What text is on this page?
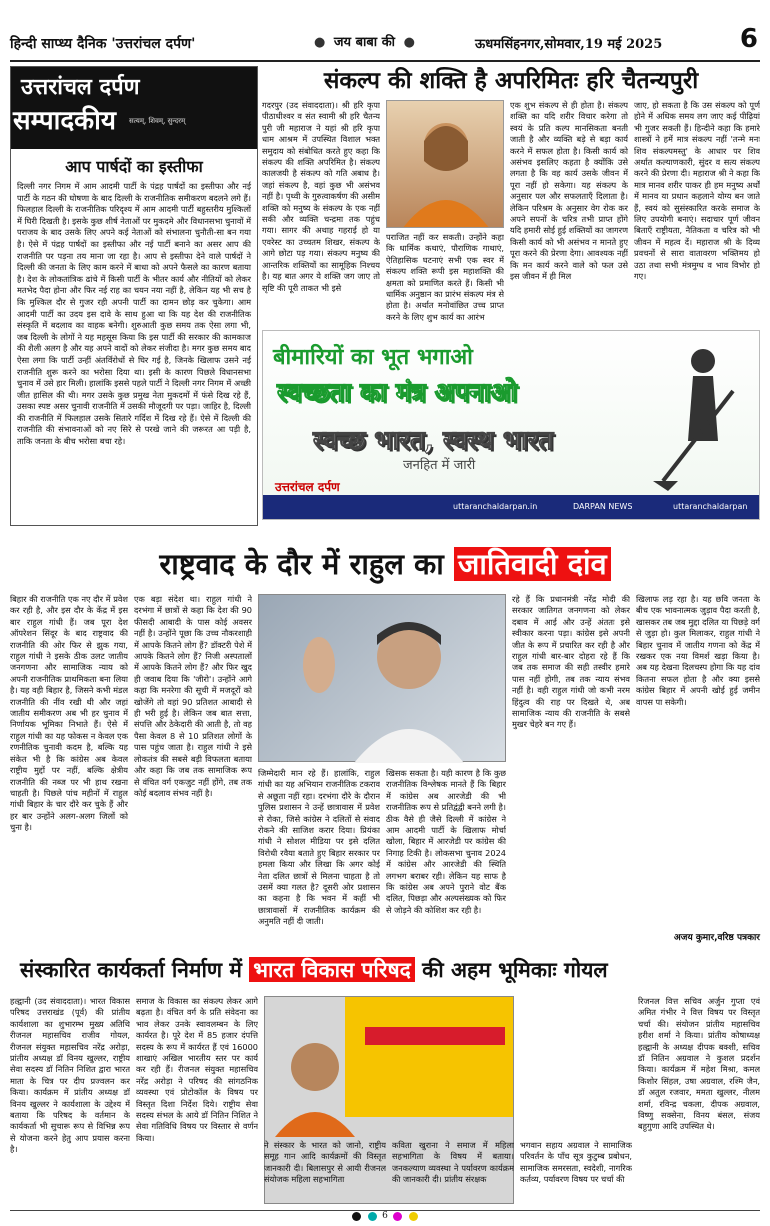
हिन्दी साप्ध्य दैनिक 'उत्तरांचल दर्पण'	● जय बाबा की ●	ऊधमसिंहनगर,सोमवार,19 मई 2025	6
उत्तरांचल दर्पण
सम्पादकीय सत्यम्, शिवम्, सुन्दरम्
आप पार्षदों का इस्तीफा
दिल्ली नगर निगम में आम आदमी पार्टी के पंद्रह पार्षदों का इस्तीफा और नई पार्टी के गठन की घोषणा के बाद दिल्ली के राजनीतिक समीकरण बदलने लगे हैं। फिलहाल दिल्ली के राजनीतिक परिदृश्य में आम आदमी पार्टी बहुस्तरीय मुश्किलों में घिरी दिखती है। इसके कुछ शीर्ष नेताओं पर मुकदमे और विधानसभा चुनावों में पराजय के बाद उसके लिए अपने कई नेताओं को संभालना चुनौती-सा बन गया है। ऐसे में पंद्रह पार्षदों का इस्तीफा और नई पार्टी बनाने का असर आप की राजनीति पर पड़ना तय माना जा रहा है। आप से इस्तीफा देने वाले पार्षदों ने दिल्ली की जनता के लिए काम करने में बाधा को अपने फैसले का कारण बताया है। देश के लोकतांत्रिक ढांचे में किसी पार्टी के भीतर कार्य और नीतियों को लेकर मतभेद पैदा होना और फिर नई राह का चयन नया नहीं है, लेकिन यह भी सच है कि मुश्किल दौर से गुजर रही अपनी पार्टी का दामन छोड़ कर चुकेगा। आम आदमी पार्टी का उदय इस दावे के साथ हुआ था कि यह देश की राजनीतिक संस्कृति में बदलाव का वाहक बनेगी। शुरुआती कुछ समय तक ऐसा लगा भी, जब दिल्ली के लोगों ने यह महसूस किया कि इस पार्टी की सरकार की कामकाज की शैली अलग है और यह अपने वादों को लेकर संजीदा है। मगर कुछ समय बाद ऐसा लगा कि पार्टी उन्हीं अंतर्विरोधों से घिर गई है, जिनके खिलाफ उसने नई राजनीति शुरू करने का भरोसा दिया था। इसी के कारण पिछले विधानसभा चुनाव में उसे हार मिली। हालांकि इससे पहले पार्टी ने दिल्ली नगर निगम में अच्छी जीत हासिल की थी। मगर उसके कुछ प्रमुख नेता मुकदमों में फंसे दिख रहे हैं, उसका स्पष्ट असर चुनावी राजनीति में उसकी मौजूदगी पर पड़ा। जाहिर है, दिल्ली की राजनीति में फिलहाल उसके सितारे गर्दिश में दिख रहे हैं। ऐसे में दिल्ली की राजनीति की संभावनाओं को नए सिरे से परखे जाने की जरूरत आ पड़ी है, ताकि जनता के बीच भरोसा बचा रहे।
संकल्प की शक्ति है अपरिमितः हरि चैतन्यपुरी
गदरपुर (उद संवाददाता)। श्री हरि कृपा पीठाधीश्वर व संत स्वामी श्री हरि चैतन्य पुरी जी महाराज ने यहां श्री हरि कृपा धाम आश्रम में उपस्थित विशाल भक्त समुदाय को संबोधित करते हुए कहा कि संकल्प की शक्ति अपरिमित है। संकल्प कालजयी है संकल्प को गति अबाध है। जहां संकल्प है, वहां कुछ भी असंभव नहीं है। पृथ्वी के गुरुत्वाकर्षण की असीम शक्ति को मनुष्य के संकल्प के एक नहीं सकी और व्यक्ति चन्द्रमा तक पहुंच गया। सागर की अथाह गहराई हो या एवरेस्ट का उच्चतम शिखर, संकल्प के आगे छोटा पड़ गया। संकल्प मनुष्य की आन्तरिक शक्तियों का सामूहिक निश्चय है। यह बात अगर ये शक्ति जग जाए तो सृष्टि की पूरी ताकत भी इसे
पराजित नहीं कर सकती। उन्होंने कहा कि धार्मिक कथाएं, पौराणिक गाथाएं, ऐतिहासिक घटनाएं सभी एक स्वर में संकल्प शक्ति रूपी इस महाशक्ति की क्षमता को प्रमाणित करते हैं। किसी भी धार्मिक अनुष्ठान का प्रारंभ संकल्प मंत्र से होता है। अर्थात मनोवांछित उच्च प्राप्त करने के लिए शुभ कार्य का आरंभ
एक शुभ संकल्प से ही होता है। संकल्प शक्ति का यदि शरीर विचार करेगा तो स्वयं के प्रति कल्प मानसिकता बनती जाती है और व्यक्ति बड़े से बड़ा कार्य करने में सफल होता है। किसी कार्य को असंभव इसलिए कहता है क्योंकि उसे लगता है कि वह कार्य उसके जीवन में पूरा नहीं हो सकेगा। यह संकल्प के अनुसार पल और सफलताएँ दिलाता है। लेकिन परिश्रम के अनुसार वेग रोक कर अपने सपनों के चरित्र तभी प्राप्त होंगे यदि हमारी सोई हुई शक्तियों का जागरण किसी कार्य को भी असंभव न मानते हुए पूरा करने की प्रेरणा देगा। आवश्यक नहीं कि मन कार्य करने वाले को फल उसे इस जीवन में ही मिल
जाए, हो सकता है कि उस संकल्प को पूर्ण होने में अधिक समय लग जाए कई पीढ़ियां भी गुजर सकती हैं। हिन्दीने कहा कि हमारे शास्त्रों ने हमें मात्र संकल्प नहीं 'तन्मे मनः शिव संकल्पमस्तु' के आधार पर शिव अर्थात कल्याणकारी, सुंदर व सत्य संकल्प करने की प्रेरणा दी। महाराज श्री ने कहा कि मात्र मानव शरीर पाकर ही हम मनुष्य अर्थों में मानव या प्रधान कहलाने योग्य बन जाते हैं, स्वयं को सुसंस्कारित करके समाज के लिए उपयोगी बनाएं। सदाचार पूर्ण जीवन बिताएँ राष्ट्रीयता, नैतिकता व चरित्र को भी जीवन में महत्व दें। महाराज श्री के दिव्य प्रवचनों से सारा वातावरण भक्तिमय हो उठा तथा सभी मंत्रमुग्ध व भाव विभोर हो गए।
बीमारियों का भूत भगाओ
स्वच्छता का मंत्र अपनाओ
स्वच्छ भारत, स्वस्थ भारत
जनहित में जारी
उत्तरांचल दर्पण
uttaranchaldarpan.in	DARPAN NEWS	uttaranchaldarpan
राष्ट्रवाद के दौर में राहुल का जातिवादी दांव
बिहार की राजनीति एक नए दौर में प्रवेश कर रही है, और इस दौर के केंद्र में इस बार राहुल गांधी हैं। जब पूरा देश ऑपरेशन सिंदूर के बाद राष्ट्रवाद की राजनीति की ओर फिर से झुक गया, राहुल गांधी ने इसके ठीक उलट जातीय जनगणना और सामाजिक न्याय को अपनी राजनीतिक प्राथमिकता बना लिया है। यह वही बिहार है, जिसने कभी मंडल राजनीति की नींव रखी थी और जहां जातीय समीकरण अब भी हर चुनाव में निर्णायक भूमिका निभाते हैं। ऐसे में राहुल गांधी का यह फोकस न केवल एक रणनीतिक चुनावी कदम है, बल्कि यह संकेत भी है कि कांग्रेस अब केवल राष्ट्रीय मुद्दों पर नहीं, बल्कि क्षेत्रीय राजनीति की नब्ज पर भी हाथ रखना चाहती है। पिछले पांच महीनों में राहुल गांधी बिहार के चार दौरे कर चुके हैं और हर बार उन्होंने अलग-अलग जिलों को चुना है।
एक बड़ा संदेश था। राहुल गांधी ने दरभंगा में छात्रों से कहा कि देश की 90 फीसदी आबादी के पास कोई अवसर नहीं है। उन्होंने पूछा कि उच्च नौकरशाही में आपके कितने लोग हैं? डॉक्टरी पेशे में आपके कितने लोग हैं? निजी अस्पतालों में आपके कितने लोग हैं? और फिर खुद ही जवाब दिया कि 'जीरो'। उन्होंने आगे कहा कि मनरेगा की सूची में मजदूरों को खोजेंगे तो वहां 90 प्रतिशत आबादी से ही भरी हुई है। लेकिन जब बात सत्ता, संपत्ति और ठेकेदारी की आती है, तो वह पैसा केवल 8 से 10 प्रतिशत लोगों के पास पहुंच जाता है। राहुल गांधी ने इसे लोकतंत्र की सबसे बड़ी विफलता बताया और कहा कि जब तक सामाजिक रूप से वंचित वर्ग एकजुट नहीं होंगे, तब तक कोई बदलाव संभव नहीं है।
जिम्मेदारी मान रहे हैं। हालांकि, राहुल गांधी का यह अभियान राजनीतिक टकराव से अछूता नहीं रहा। दरभंगा दौरे के दौरान पुलिस प्रशासन ने उन्हें छात्रावास में प्रवेश से रोका, जिसे कांग्रेस ने दलितों से संवाद रोकने की साजिश करार दिया। प्रियंका गांधी ने सोशल मीडिया पर इसे दलित विरोधी रवैया बताते हुए बिहार सरकार पर हमला किया और लिखा कि अगर कोई नेता दलित छात्रों से मिलना चाहता है तो उसमें क्या गलत है? दूसरी ओर प्रशासन का कहना है कि भवन में कहीं भी छात्रावासों में राजनीतिक कार्यक्रम की अनुमति नहीं दी जाती।
खिसक सकता है। यही कारण है कि कुछ राजनीतिक विश्लेषक मानते हैं कि बिहार में कांग्रेस अब आरजेडी की भी राजनीतिक रूप से प्रतिद्वंद्वी बनने लगी है। ठीक वैसे ही जैसे दिल्ली में कांग्रेस ने आम आदमी पार्टी के खिलाफ मोर्चा खोला, बिहार में आरजेडी पर कांग्रेस की निगाह टिकी है। लोकसभा चुनाव 2024 में कांग्रेस और आरजेडी की स्थिति लगभग बराबर रही। लेकिन यह साफ है कि कांग्रेस अब अपने पुराने वोट बैंक दलित, पिछड़ा और अल्पसंख्यक को फिर से जोड़ने की कोशिश कर रही है।
रहे हैं कि प्रधानमंत्री नरेंद्र मोदी की सरकार जातिगत जनगणना को लेकर दबाव में आई और उन्हें अंततः इसे स्वीकार करना पड़ा। कांग्रेस इसे अपनी जीत के रूप में प्रचारित कर रही है और राहुल गांधी बार-बार दोहरा रहे हैं कि जब तक समाज की सही तस्वीर हमारे पास नहीं होगी, तब तक न्याय संभव नहीं है। वही राहुल गांधी जो कभी नरम हिंदुत्व की राह पर दिखते थे, अब सामाजिक न्याय की राजनीति के सबसे मुखर चेहरे बन गए हैं।
खिलाफ लड़ रहा है। यह छवि जनता के बीच एक भावनात्मक जुड़ाव पैदा करती है, खासकर तब जब मुद्दा दलित या पिछड़े वर्ग से जुड़ा हो। कुल मिलाकर, राहुल गांधी ने बिहार चुनाव में जातीय गणना को केंद्र में रखकर एक नया विमर्श खड़ा किया है। अब यह देखना दिलचस्प होगा कि यह दांव कितना सफल होता है और क्या इससे कांग्रेस बिहार में अपनी खोई हुई जमीन वापस पा सकेगी।
अजय कुमार,वरिष्ठ पत्रकार
संस्कारित कार्यकर्ता निर्माण में भारत विकास परिषद की अहम भूमिकाः गोयल
हल्द्वानी (उद संवाददाता)। भारत विकास परिषद उत्तराखंड (पूर्व) की प्रांतीय कार्यशाला का शुभारम्भ मुख्य अतिथि रीजनल महासचिव राजीव गोयल, रीजनल संयुक्त महासचिव नरेंद्र अरोड़ा, प्रांतीय अध्यक्ष डॉ विनय खुल्लर, राष्ट्रीय सेवा सदस्य डॉ नितिन निशित द्वारा भारत माता के चित्र पर दीप प्रज्वलन कर किया। कार्यक्रम में प्रांतीय अध्यक्ष डॉ विनय खुल्लर ने कार्यशाला के उद्देश्य में बताया कि परिषद के वर्तमान के कार्यकर्ता भी सुचारू रूप से विभिन्न रूप से योजना करने हेतु आप प्रयास करना है।
समाज के विकास का संकल्प लेकर आगे बढ़ता है। वंचित वर्ग के प्रति संवेदना का भाव लेकर उनके स्वावलम्बन के लिए कार्यरत है। पूरे देश में 85 हजार दंपत्ति सदस्य के रूप में कार्यरत हैं एवं 16000 शाखाएं अखिल भारतीय स्तर पर कार्य कर रही हैं। रीजनल संयुक्त महासचिव नरेंद्र अरोड़ा ने परिषद की सांगठनिक व्यवस्था एवं प्रोटोकॉल के विषय पर विस्तृत दिशा निर्देश दिये। राष्ट्रीय सेवा सदस्य संभल के आये डॉ नितिन निशित ने सेवा गतिविधि विषय पर विस्तार से वर्णन किया।
ने संस्कार के भारत को जानो, राष्ट्रीय समूह गान आदि कार्यक्रमों की विस्तृत जानकारी दी। बिलासपुर से आयी रीजनल संयोजक महिला सहभागिता
कविता खुराना ने समाज में महिला सहभागिता के विषय में बताया। जनकल्याण व्यवस्था ने पर्यावरण कार्यक्रम की जानकारी दी। प्रांतीय संरक्षक
भगवान सहाय अग्रवाल ने सामाजिक परिवर्तन के पाँच सूत्र कुटुम्ब प्रबोधन, सामाजिक समरसता, स्वदेशी, नागरिक कर्तव्य, पर्यावरण विषय पर चर्चा की
रिजनल वित्त सचिव अर्जुन गुप्ता एवं अमित गंभीर ने वित्त विषय पर विस्तृत चर्चा की। संयोजन प्रांतीय महासचिव हरीश शर्मा ने किया। प्रांतीय कोषाध्यक्ष हल्द्वानी के अध्यक्ष दीपक बक्शी, सचिव डॉ नितिन अग्रवाल ने कुशल प्रदर्शन किया। कार्यक्रम में महेश मिश्रा, कमल किशोर सिंहल, उषा अग्रवाल, रश्मि जैन, डॉ अतुल रजवार, ममता खुल्लर, नीलम शर्मा, रविन्द्र चकला, दीपक अग्रवाल, विष्णु सक्सेना, विनय बंसल, संजय बहुगुणा आदि उपस्थित थे।
6
